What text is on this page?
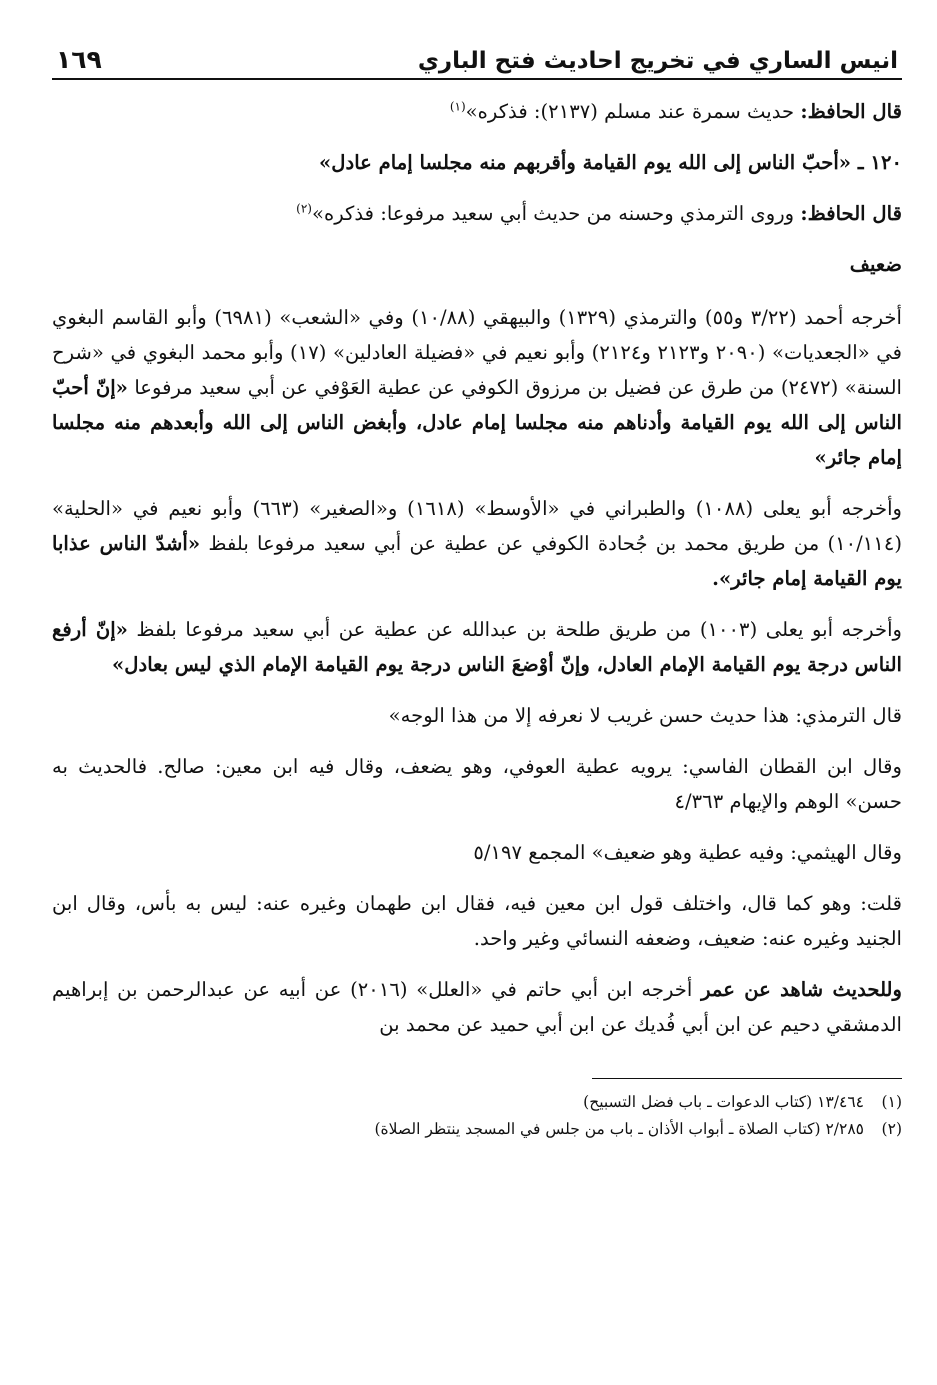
انيس الساري في تخريج احاديث فتح الباري
١٦٩

قال الحافظ: حديث سمرة عند مسلم (٢١٣٧): فذكره»$^{(١)}$

١٢٠ ـ «أحبّ الناس إلى الله يوم القيامة وأقربهم منه مجلسا إمام عادل»

قال الحافظ: وروى الترمذي وحسنه من حديث أبي سعيد مرفوعا: فذكره»$^{(٢)}$

ضعيف

أخرجه أحمد (٣/٢٢ و٥٥) والترمذي (١٣٢٩) والبيهقي (١٠/٨٨) وفي «الشعب» (٦٩٨١) وأبو القاسم البغوي في «الجعديات» (٢٠٩٠ و٢١٢٣ و٢١٢٤) وأبو نعيم في «فضيلة العادلين» (١٧) وأبو محمد البغوي في «شرح السنة» (٢٤٧٢) من طرق عن فضيل بن مرزوق الكوفي عن عطية العَوْفي عن أبي سعيد مرفوعا «إنّ أحبّ الناس إلى الله يوم القيامة وأدناهم منه مجلسا إمام عادل، وأبغض الناس إلى الله وأبعدهم منه مجلسا إمام جائر»

وأخرجه أبو يعلى (١٠٨٨) والطبراني في «الأوسط» (١٦١٨) و«الصغير» (٦٦٣) وأبو نعيم في «الحلية» (١٠/١١٤) من طريق محمد بن جُحادة الكوفي عن عطية عن أبي سعيد مرفوعا بلفظ «أشدّ الناس عذابا يوم القيامة إمام جائر».

وأخرجه أبو يعلى (١٠٠٣) من طريق طلحة بن عبدالله عن عطية عن أبي سعيد مرفوعا بلفظ «إنّ أرفع الناس درجة يوم القيامة الإمام العادل، وإنّ أوْضعَ الناس درجة يوم القيامة الإمام الذي ليس بعادل»

قال الترمذي: هذا حديث حسن غريب لا نعرفه إلا من هذا الوجه»

وقال ابن القطان الفاسي: يرويه عطية العوفي، وهو يضعف، وقال فيه ابن معين: صالح. فالحديث به حسن» الوهم والإيهام ٤/٣٦٣

وقال الهيثمي: وفيه عطية وهو ضعيف» المجمع ٥/١٩٧

قلت: وهو كما قال، واختلف قول ابن معين فيه، فقال ابن طهمان وغيره عنه: ليس به بأس، وقال ابن الجنيد وغيره عنه: ضعيف، وضعفه النسائي وغير واحد.

وللحديث شاهد عن عمر أخرجه ابن أبي حاتم في «العلل» (٢٠١٦) عن أبيه عن عبدالرحمن بن إبراهيم الدمشقي دحيم عن ابن أبي فُديك عن ابن أبي حميد عن محمد بن

(١)١٣/٤٦٤ (كتاب الدعوات ـ باب فضل التسبيح)

(٢)٢/٢٨٥ (كتاب الصلاة ـ أبواب الأذان ـ باب من جلس في المسجد ينتظر الصلاة)
